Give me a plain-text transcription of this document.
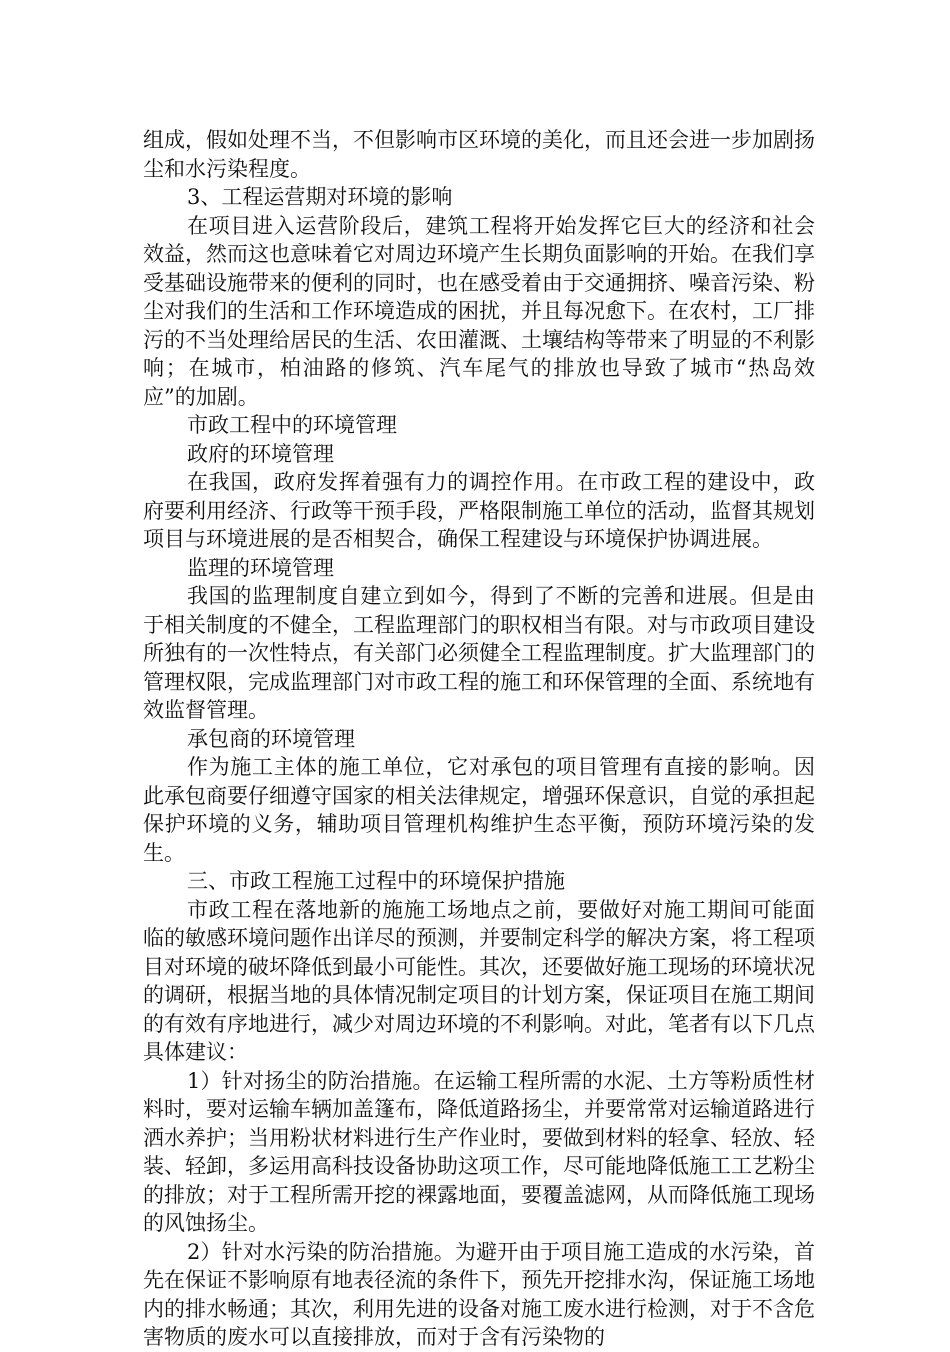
组成，假如处理不当，不但影响市区环境的美化，而且还会进一步加剧扬尘和水污染程度。

3、工程运营期对环境的影响

在项目进入运营阶段后，建筑工程将开始发挥它巨大的经济和社会效益，然而这也意味着它对周边环境产生长期负面影响的开始。在我们享受基础设施带来的便利的同时，也在感受着由于交通拥挤、噪音污染、粉尘对我们的生活和工作环境造成的困扰，并且每况愈下。在农村，工厂排污的不当处理给居民的生活、农田灌溉、土壤结构等带来了明显的不利影响；在城市，柏油路的修筑、汽车尾气的排放也导致了城市“热岛效应”的加剧。

市政工程中的环境管理

政府的环境管理

在我国，政府发挥着强有力的调控作用。在市政工程的建设中，政府要利用经济、行政等干预手段，严格限制施工单位的活动，监督其规划项目与环境进展的是否相契合，确保工程建设与环境保护协调进展。

监理的环境管理

我国的监理制度自建立到如今，得到了不断的完善和进展。但是由于相关制度的不健全，工程监理部门的职权相当有限。对与市政项目建设所独有的一次性特点，有关部门必须健全工程监理制度。扩大监理部门的管理权限，完成监理部门对市政工程的施工和环保管理的全面、系统地有效监督管理。

承包商的环境管理

作为施工主体的施工单位，它对承包的项目管理有直接的影响。因此承包商要仔细遵守国家的相关法律规定，增强环保意识，自觉的承担起保护环境的义务，辅助项目管理机构维护生态平衡，预防环境污染的发生。

三、市政工程施工过程中的环境保护措施

市政工程在落地新的施施工场地点之前，要做好对施工期间可能面临的敏感环境问题作出详尽的预测，并要制定科学的解决方案，将工程项目对环境的破坏降低到最小可能性。其次，还要做好施工现场的环境状况的调研，根据当地的具体情况制定项目的计划方案，保证项目在施工期间的有效有序地进行，减少对周边环境的不利影响。对此，笔者有以下几点具体建议：

1）针对扬尘的防治措施。在运输工程所需的水泥、土方等粉质性材料时，要对运输车辆加盖篷布，降低道路扬尘，并要常常对运输道路进行洒水养护；当用粉状材料进行生产作业时，要做到材料的轻拿、轻放、轻装、轻卸，多运用高科技设备协助这项工作，尽可能地降低施工工艺粉尘的排放；对于工程所需开挖的裸露地面，要覆盖滤网，从而降低施工现场的风蚀扬尘。

2）针对水污染的防治措施。为避开由于项目施工造成的水污染，首先在保证不影响原有地表径流的条件下，预先开挖排水沟，保证施工场地内的排水畅通；其次，利用先进的设备对施工废水进行检测，对于不含危害物质的废水可以直接排放，而对于含有污染物的
